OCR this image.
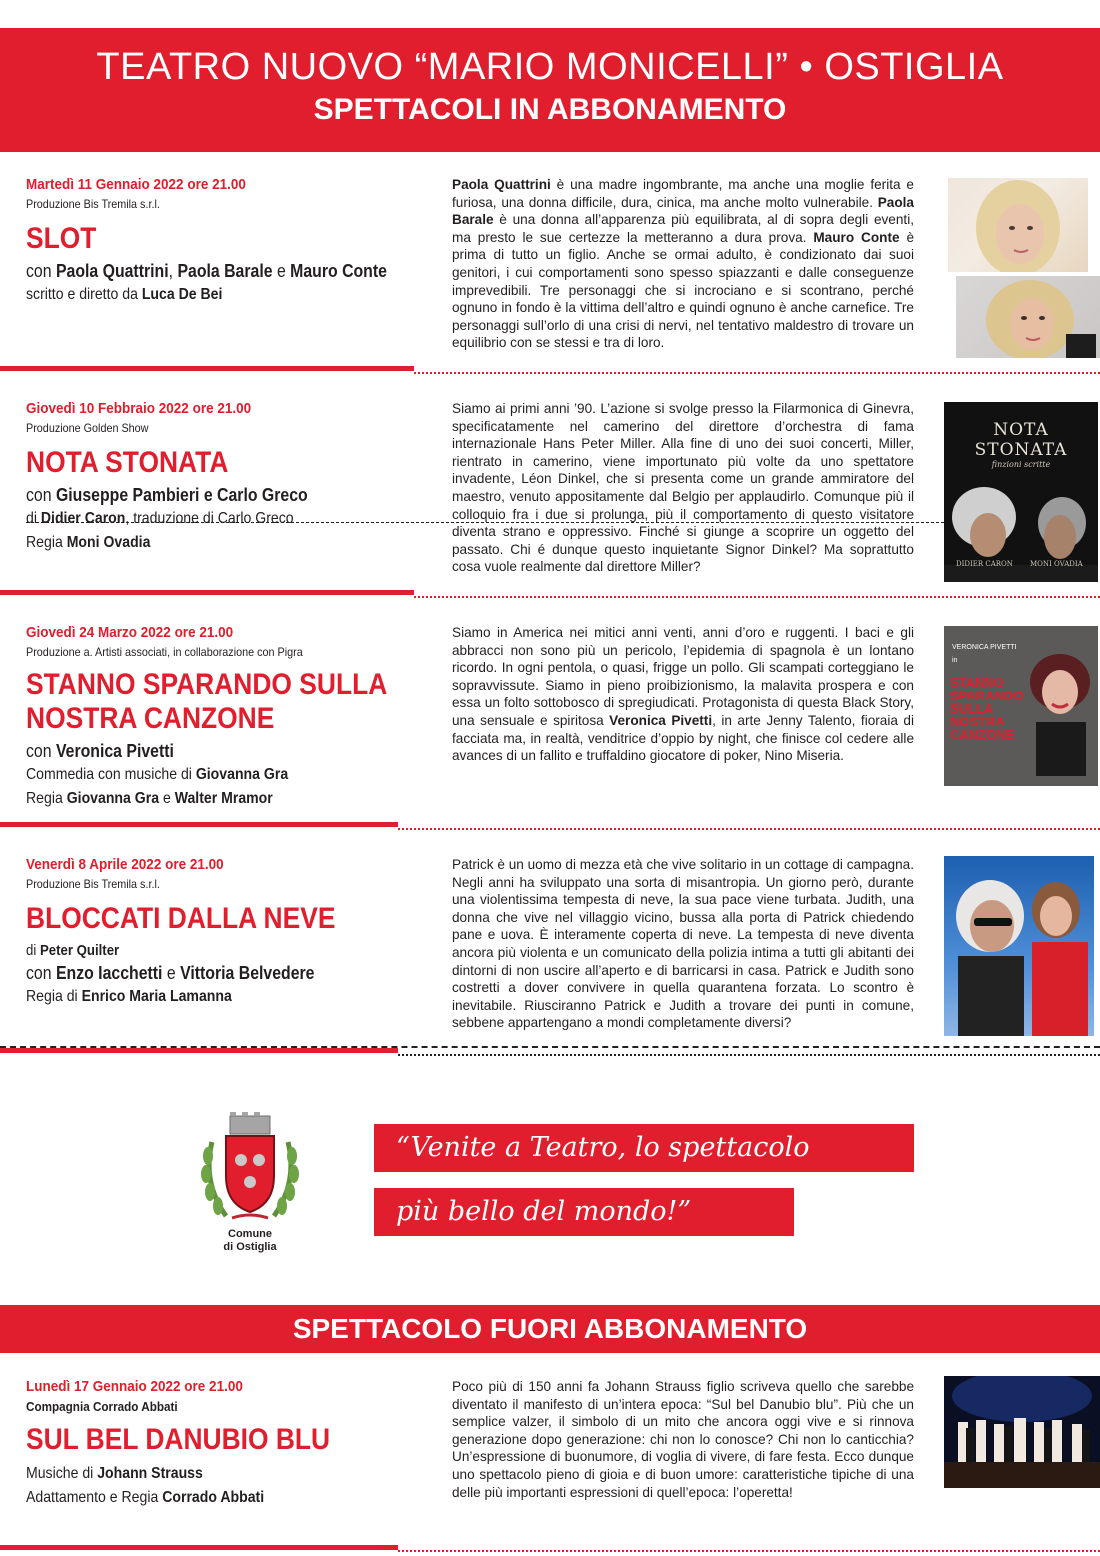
TEATRO NUOVO “MARIO MONICELLI” • OSTIGLIA
SPETTACOLI IN ABBONAMENTO
Martedì 11 Gennaio 2022 ore 21.00
Produzione Bis Tremila s.r.l.
SLOT
con Paola Quattrini, Paola Barale e Mauro Conte
scritto e diretto da Luca De Bei
Paola Quattrini è una madre ingombrante, ma anche una moglie ferita e furiosa, una donna difficile, dura, cinica, ma anche molto vulnerabile. Paola Barale è una donna all’apparenza più equilibrata, al di sopra degli eventi, ma presto le sue certezze la metteranno a dura prova. Mauro Conte è prima di tutto un figlio. Anche se ormai adulto, è condizionato dai suoi genitori, i cui comportamenti sono spesso spiazzanti e dalle conseguenze imprevedibili. Tre personaggi che si incrociano e si scontrano, perché ognuno in fondo è la vittima dell’altro e quindi ognuno è anche carnefice. Tre personaggi sull’orlo di una crisi di nervi, nel tentativo maldestro di trovare un equilibrio con se stessi e tra di loro.
Giovedì 10 Febbraio 2022 ore 21.00
Produzione Golden Show
NOTA STONATA
con Giuseppe Pambieri e Carlo Greco
di Didier Caron, traduzione di Carlo Greco
Regia Moni Ovadia
Siamo ai primi anni ’90. L’azione si svolge presso la Filarmonica di Ginevra, specificatamente nel camerino del direttore d’orchestra di fama internazionale Hans Peter Miller. Alla fine di uno dei suoi concerti, Miller, rientrato in camerino, viene importunato più volte da uno spettatore invadente, Léon Dinkel, che si presenta come un grande ammiratore del maestro, venuto appositamente dal Belgio per applaudirlo. Comunque più il colloquio fra i due si prolunga, più il comportamento di questo visitatore diventa strano e oppressivo. Finché si giunge a scoprire un oggetto del passato. Chi é dunque questo inquietante Signor Dinkel? Ma soprattutto cosa vuole realmente dal direttore Miller?
NOTA STONATA
finzioni scritte
DIDIER CARON MONI OVADIA
Giovedì 24 Marzo 2022 ore 21.00
Produzione a. Artisti associati, in collaborazione con Pigra
STANNO SPARANDO SULLA
NOSTRA CANZONE
con Veronica Pivetti
Commedia con musiche di Giovanna Gra
Regia Giovanna Gra e Walter Mramor
Siamo in America nei mitici anni venti, anni d’oro e ruggenti. I baci e gli abbracci non sono più un pericolo, l’epidemia di spagnola è un lontano ricordo. In ogni pentola, o quasi, frigge un pollo. Gli scampati corteggiano le sopravvissute. Siamo in pieno proibizionismo, la malavita prospera e con essa un folto sottobosco di spregiudicati. Protagonista di questa Black Story, una sensuale e spiritosa Veronica Pivetti, in arte Jenny Talento, fioraia di facciata ma, in realtà, venditrice d’oppio by night, che finisce col cedere alle avances di un fallito e truffaldino giocatore di poker, Nino Miseria.
VERONICA PIVETTI
in
STANNO SPARANDO SULLA NOSTRA CANZONE
Venerdì 8 Aprile 2022 ore 21.00
Produzione Bis Tremila s.r.l.
BLOCCATI DALLA NEVE
di Peter Quilter
con Enzo Iacchetti e Vittoria Belvedere
Regia di Enrico Maria Lamanna
Patrick è un uomo di mezza età che vive solitario in un cottage di campagna. Negli anni ha sviluppato una sorta di misantropia. Un giorno però, durante una violentissima tempesta di neve, la sua pace viene turbata. Judith, una donna che vive nel villaggio vicino, bussa alla porta di Patrick chiedendo pane e uova. È interamente coperta di neve. La tempesta di neve diventa ancora più violenta e un comunicato della polizia intima a tutti gli abitanti dei dintorni di non uscire all’aperto e di barricarsi in casa. Patrick e Judith sono costretti a dover convivere in quella quarantena forzata. Lo scontro è inevitabile. Riusciranno Patrick e Judith a trovare dei punti in comune, sebbene appartengano a mondi completamente diversi?
Comune
di Ostiglia
“Venite a Teatro, lo spettacolo
più bello del mondo!”
SPETTACOLO FUORI ABBONAMENTO
Lunedì 17 Gennaio 2022 ore 21.00
Compagnia Corrado Abbati
SUL BEL DANUBIO BLU
Musiche di Johann Strauss
Adattamento e Regia Corrado Abbati
Poco più di 150 anni fa Johann Strauss figlio scriveva quello che sarebbe diventato il manifesto di un’intera epoca: “Sul bel Danubio blu”. Più che un semplice valzer, il simbolo di un mito che ancora oggi vive e si rinnova generazione dopo generazione: chi non lo conosce? Chi non lo canticchia? Un’espressione di buonumore, di voglia di vivere, di fare festa. Ecco dunque uno spettacolo pieno di gioia e di buon umore: caratteristiche tipiche di una delle più importanti espressioni di quell’epoca: l’operetta!
